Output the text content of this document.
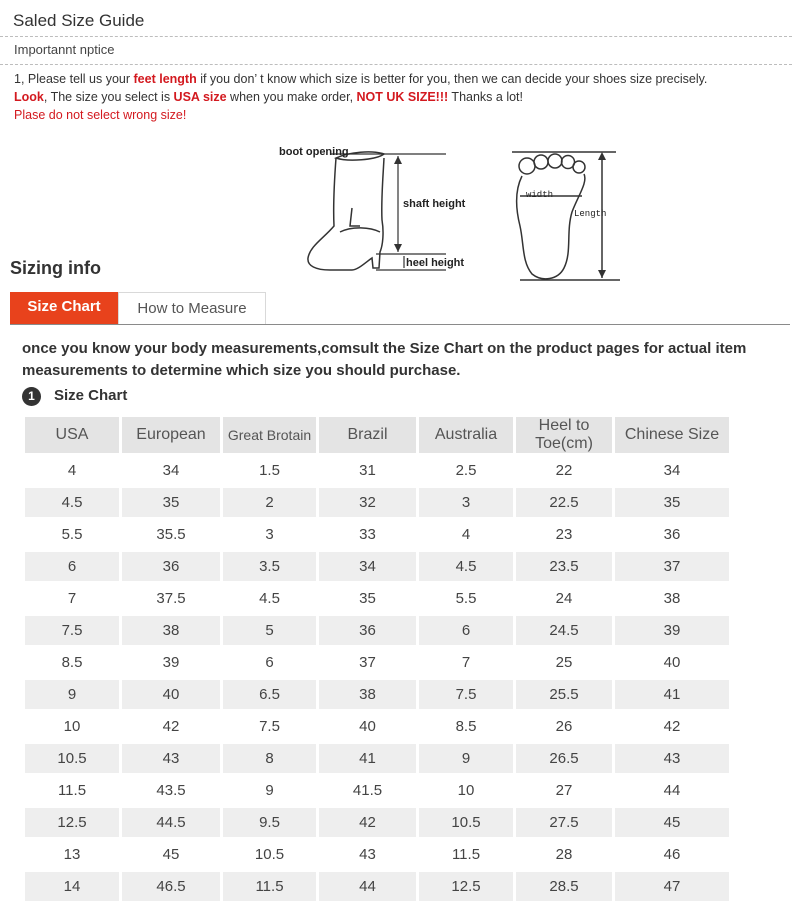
Saled Size Guide
Importannt nptice
1, Please tell us your feet length if you don’ t know which size is better for you, then we can decide your shoes size precisely.
Look, The size you select is USA size when you make order, NOT UK SIZE!!! Thanks a lot!
Plase do not select wrong size!
boot opening
shaft height
heel height
width
Length
Sizing info
Size Chart	How to Measure
once you know your body measurements,comsult the Size Chart on the product pages for actual item measurements to determine which size you should purchase.
1	Size Chart
USA	European	Great Brotain	Brazil	Australia	Heel to Toe(cm)	Chinese Size
4	34	1.5	31	2.5	22	34
4.5	35	2	32	3	22.5	35
5.5	35.5	3	33	4	23	36
6	36	3.5	34	4.5	23.5	37
7	37.5	4.5	35	5.5	24	38
7.5	38	5	36	6	24.5	39
8.5	39	6	37	7	25	40
9	40	6.5	38	7.5	25.5	41
10	42	7.5	40	8.5	26	42
10.5	43	8	41	9	26.5	43
11.5	43.5	9	41.5	10	27	44
12.5	44.5	9.5	42	10.5	27.5	45
13	45	10.5	43	11.5	28	46
14	46.5	11.5	44	12.5	28.5	47
